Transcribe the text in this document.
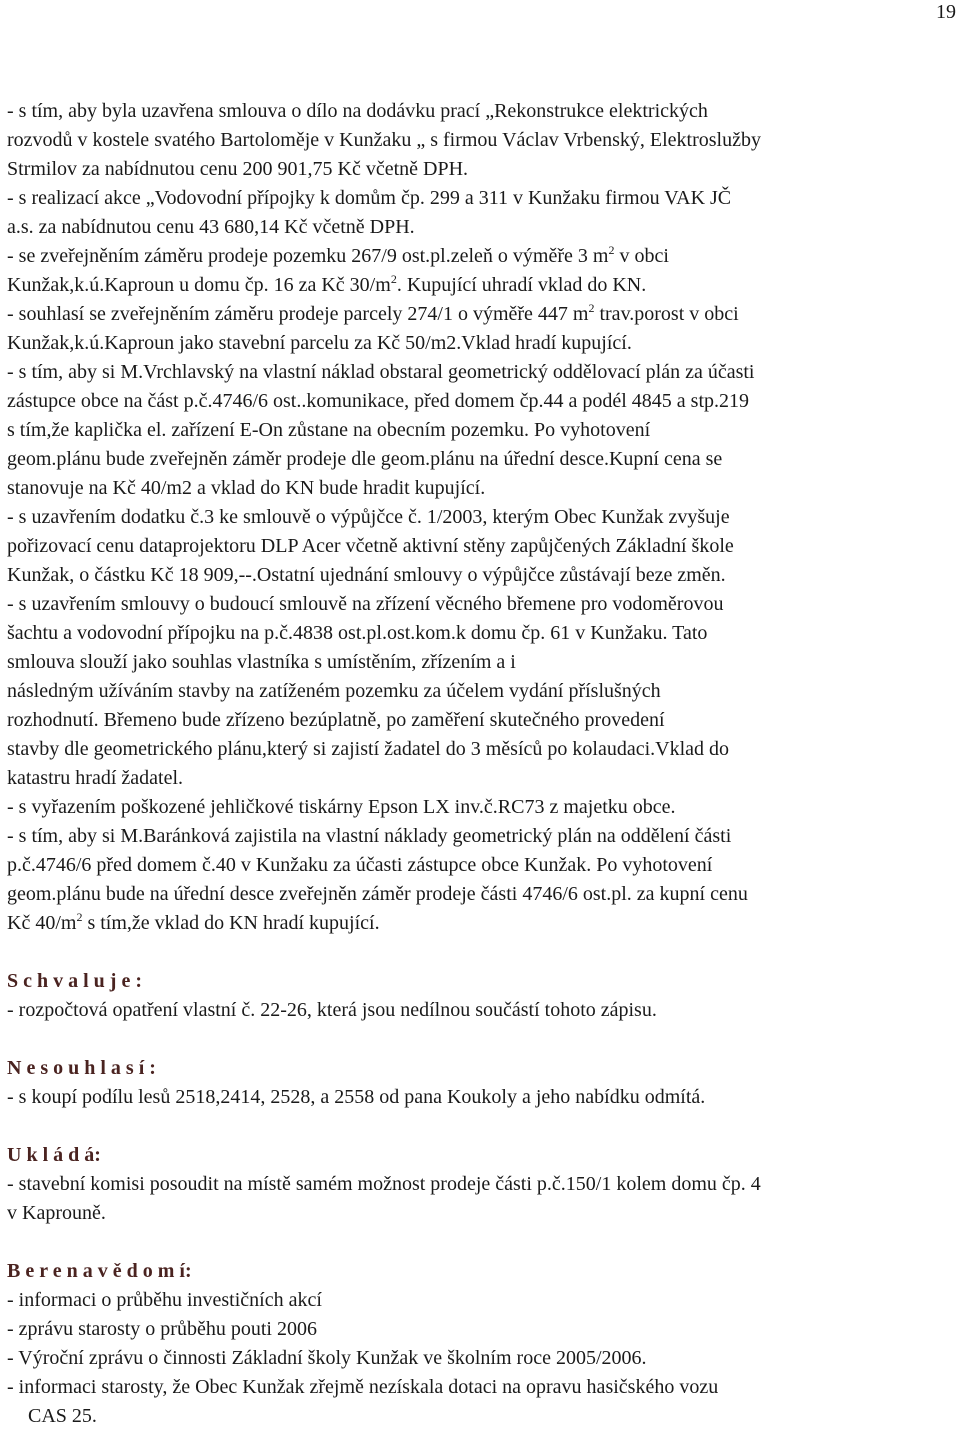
19
- s tím, aby byla uzavřena smlouva o dílo na dodávku prací „Rekonstrukce elektrických
rozvodů v kostele svatého Bartoloměje v Kunžaku „ s firmou Václav Vrbenský, Elektroslužby
Strmilov za nabídnutou cenu 200 901,75 Kč včetně DPH.
- s realizací akce „Vodovodní přípojky k domům čp. 299 a 311 v Kunžaku firmou VAK JČ
a.s. za nabídnutou cenu 43 680,14 Kč včetně DPH.
- se zveřejněním záměru prodeje pozemku 267/9 ost.pl.zeleň o výměře 3 $m^2$ v obci
Kunžak,k.ú.Kaproun u domu čp. 16 za Kč $30/m^2$. Kupující uhradí vklad do KN.
- souhlasí se zveřejněním záměru prodeje parcely 274/1 o výměře 447 $m^2$ trav.porost v obci
Kunžak,k.ú.Kaproun jako stavební parcelu za Kč 50/m2.Vklad hradí kupující.
- s tím, aby si M.Vrchlavský na vlastní náklad obstaral geometrický oddělovací plán za účasti
zástupce obce na část p.č.4746/6 ost..komunikace, před domem čp.44 a podél 4845 a stp.219
s tím,že kaplička el. zařízení E-On zůstane na obecním pozemku. Po vyhotovení
geom.plánu bude zveřejněn záměr prodeje dle geom.plánu na úřední desce.Kupní cena se
stanovuje na Kč 40/m2 a vklad do KN bude hradit kupující.
- s uzavřením dodatku č.3 ke smlouvě o výpůjčce č. 1/2003, kterým Obec Kunžak zvyšuje
pořizovací cenu dataprojektoru DLP Acer včetně aktivní stěny zapůjčených Základní škole
Kunžak, o částku Kč 18 909,--.Ostatní ujednání smlouvy o výpůjčce zůstávají beze změn.
- s uzavřením smlouvy o budoucí smlouvě na zřízení věcného břemene pro vodoměrovou
šachtu a vodovodní přípojku na p.č.4838 ost.pl.ost.kom.k domu čp. 61 v Kunžaku. Tato
smlouva slouží jako souhlas vlastníka s umístěním, zřízením a i
následným užíváním stavby na zatíženém pozemku za účelem vydání příslušných
rozhodnutí. Břemeno bude zřízeno bezúplatně, po zaměření skutečného provedení
stavby dle geometrického plánu,který si zajistí žadatel do 3 měsíců po kolaudaci.Vklad do
katastru hradí žadatel.
- s vyřazením poškozené jehličkové tiskárny Epson LX inv.č.RC73 z majetku obce.
- s tím, aby si M.Baránková zajistila na vlastní náklady geometrický plán na oddělení části
p.č.4746/6 před domem č.40 v Kunžaku za účasti zástupce obce Kunžak. Po vyhotovení
geom.plánu bude na úřední desce zveřejněn záměr prodeje části 4746/6 ost.pl. za kupní cenu
Kč $40/m^2$ s tím,že vklad do KN hradí kupující.
S c h v a l u j e :
- rozpočtová opatření vlastní č. 22-26, která jsou nedílnou součástí tohoto zápisu.
N e s o u h l a s í :
- s koupí podílu lesů 2518,2414, 2528, a 2558 od pana Koukoly a jeho nabídku odmítá.
U k l á d á:
- stavební komisi posoudit na místě samém možnost prodeje části p.č.150/1 kolem domu čp. 4
v Kaprouně.
B e r e n a v ě d o m í:
- informaci o průběhu investičních akcí
- zprávu starosty o průběhu pouti 2006
- Výroční zprávu o činnosti Základní školy Kunžak ve školním roce 2005/2006.
- informaci starosty, že Obec Kunžak zřejmě nezískala dotaci na opravu hasičského vozu
CAS 25.
